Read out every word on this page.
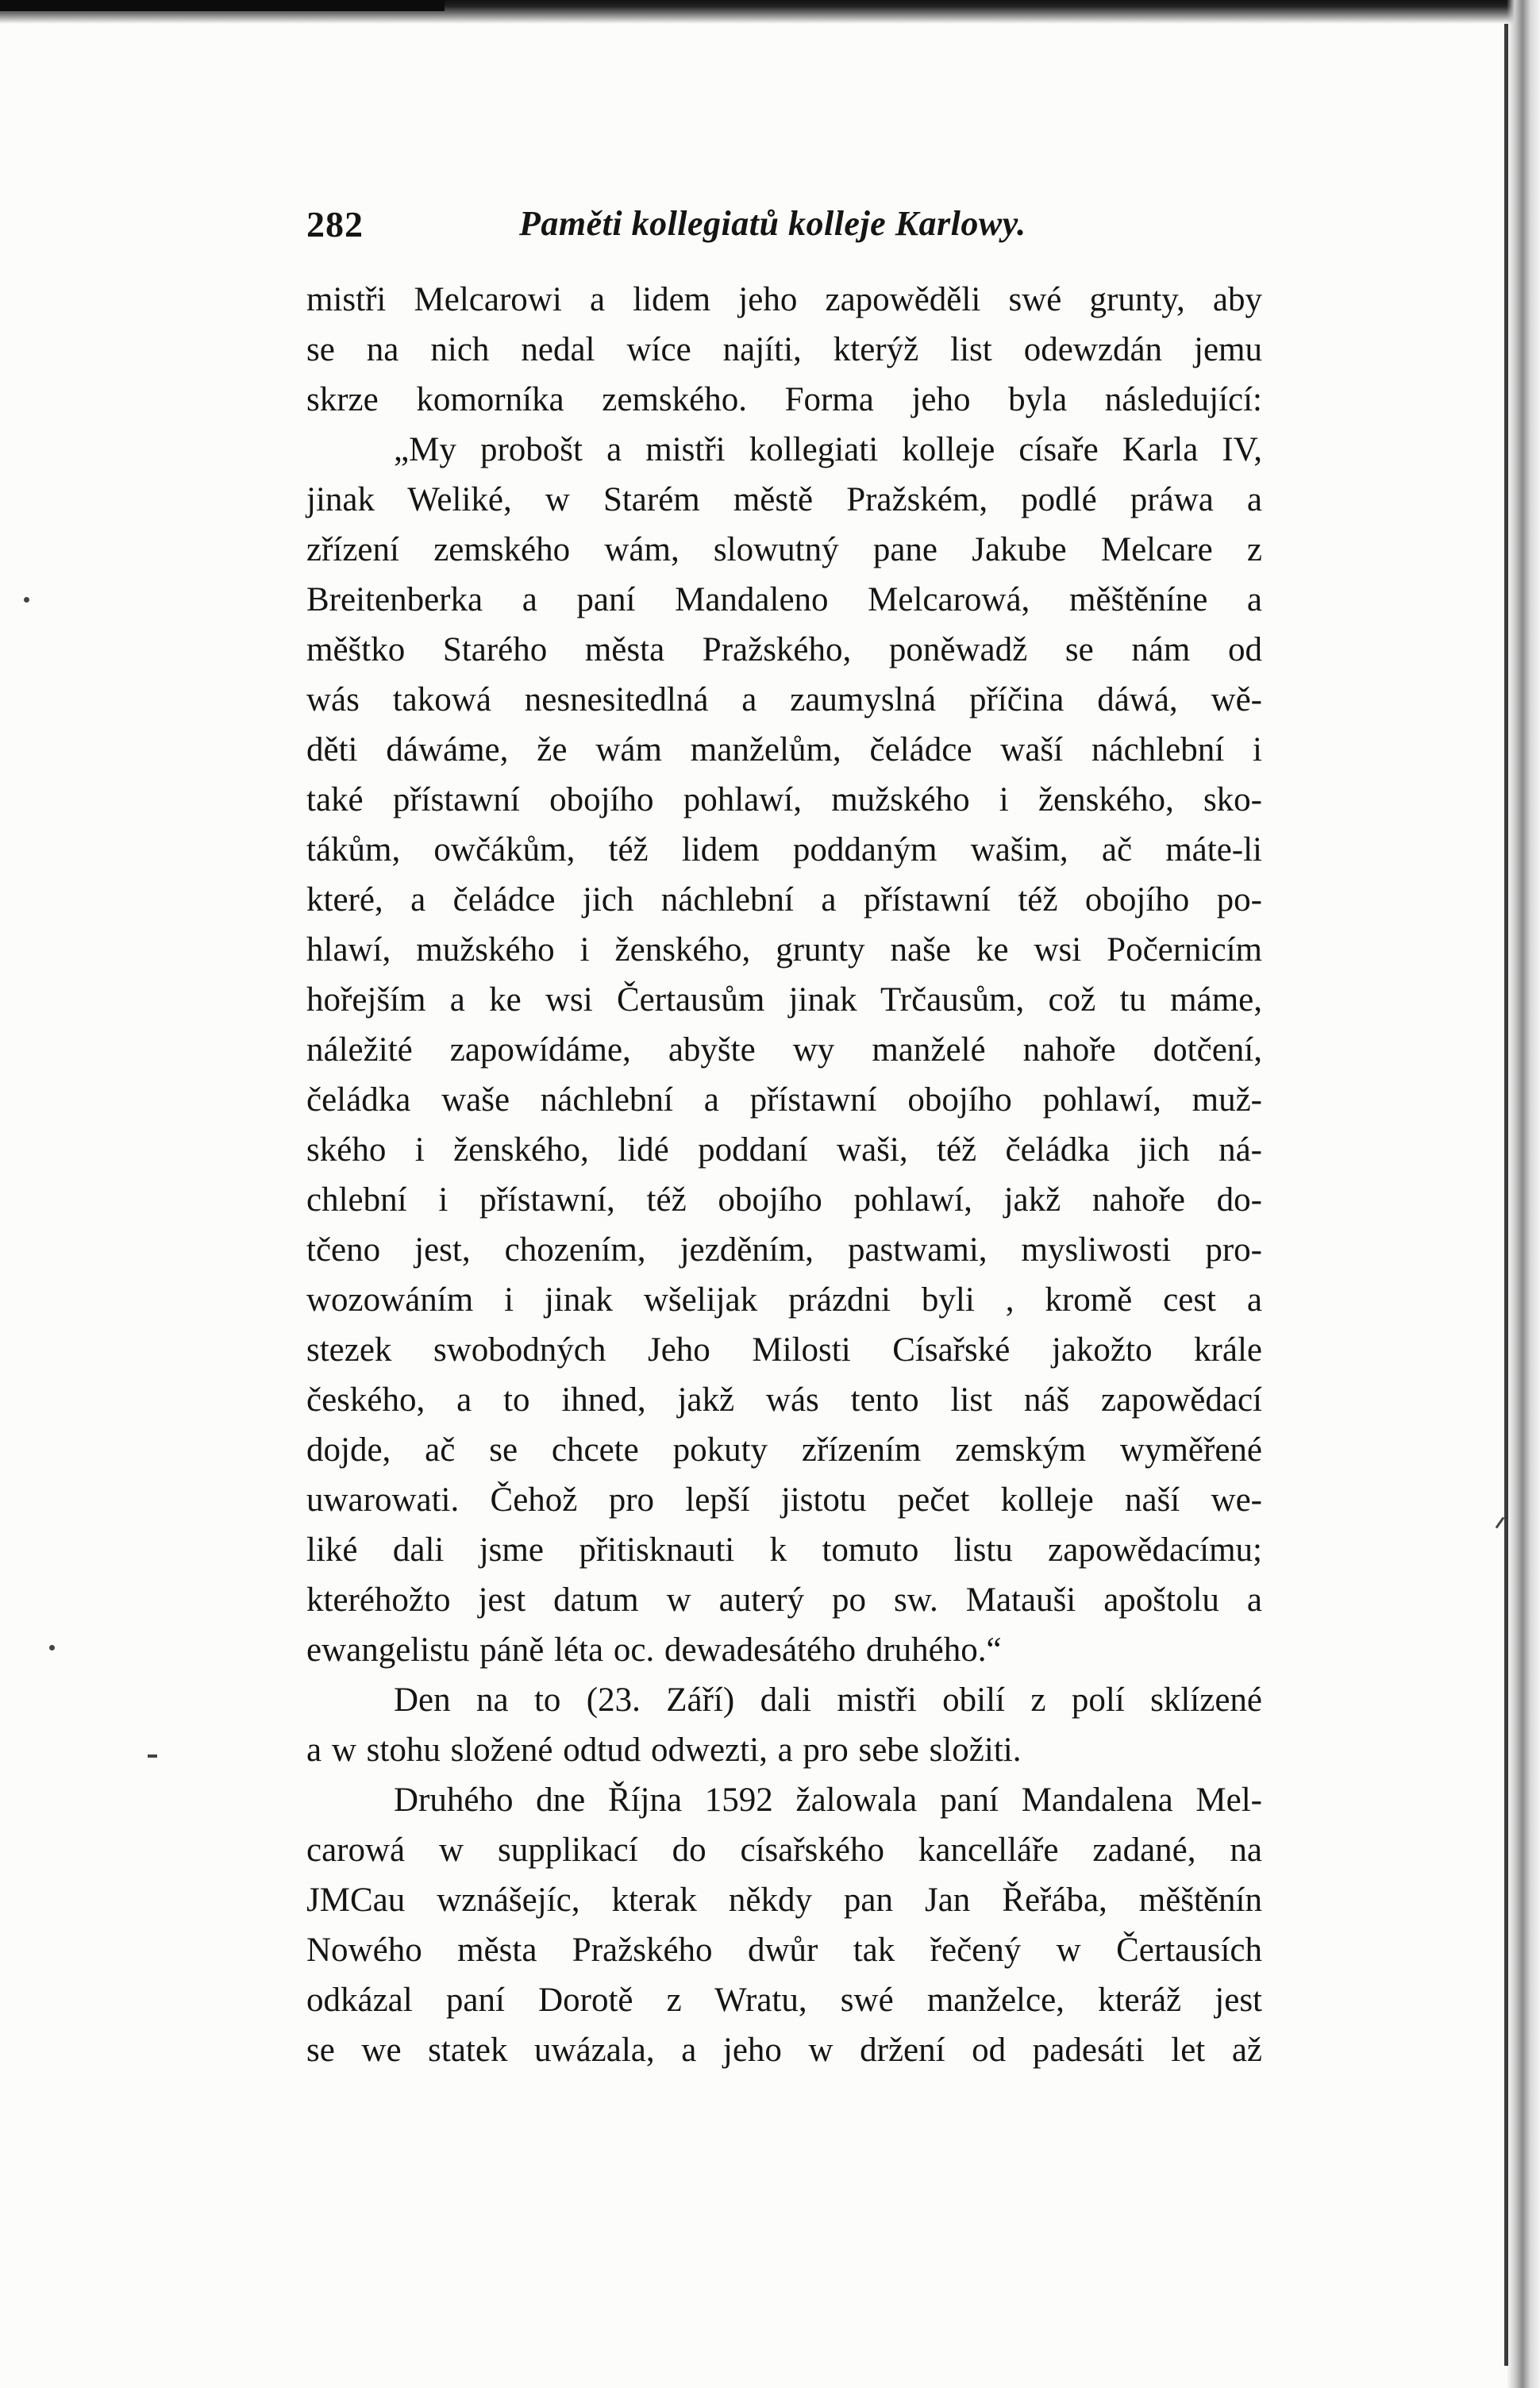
282	Paměti kollegiatů kolleje Karlowy.
mistři Melcarowi a lidem jeho zapowěděli swé grunty, aby
se na nich nedal wíce najíti, kterýž list odewzdán jemu
skrze komorníka zemského. Forma jeho byla následující:
„My probošt a mistři kollegiati kolleje císaře Karla IV,
jinak Weliké, w Starém městě Pražském, podlé práwa a
zřízení zemského wám, slowutný pane Jakube Melcare z
Breitenberka a paní Mandaleno Melcarowá, měštěníne a
měštko Starého města Pražského, poněwadž se nám od
wás takowá nesnesitedlná a zaumyslná příčina dáwá, wě-
děti dáwáme, že wám manželům, čeládce waší náchlební i
také přístawní obojího pohlawí, mužského i ženského, sko-
tákům, owčákům, též lidem poddaným wašim, ač máte-li
které, a čeládce jich náchlební a přístawní též obojího po-
hlawí, mužského i ženského, grunty naše ke wsi Počernicím
hořejším a ke wsi Čertausům jinak Trčausům, což tu máme,
náležité zapowídáme, abyšte wy manželé nahoře dotčení,
čeládka waše náchlební a přístawní obojího pohlawí, muž-
ského i ženského, lidé poddaní waši, též čeládka jich ná-
chlební i přístawní, též obojího pohlawí, jakž nahoře do-
tčeno jest, chozením, jezděním, pastwami, mysliwosti pro-
wozowáním i jinak wšelijak prázdni byli , kromě cest a
stezek swobodných Jeho Milosti Císařské jakožto krále
českého, a to ihned, jakž wás tento list náš zapowědací
dojde, ač se chcete pokuty zřízením zemským wyměřené
uwarowati. Čehož pro lepší jistotu pečet kolleje naší we-
liké dali jsme přitisknauti k tomuto listu zapowědacímu;
kteréhožto jest datum w auterý po sw. Matauši apoštolu a
ewangelistu páně léta oc. dewadesátého druhého.“
Den na to (23. Září) dali mistři obilí z polí sklízené
a w stohu složené odtud odwezti, a pro sebe složiti.
Druhého dne Října 1592 žalowala paní Mandalena Mel-
carowá w supplikací do císařského kancelláře zadané, na
JMCau wznášejíc, kterak někdy pan Jan Řeřába, měštěnín
Nowého města Pražského dwůr tak řečený w Čertausích
odkázal paní Dorotě z Wratu, swé manželce, kteráž jest
se we statek uwázala, a jeho w držení od padesáti let až
